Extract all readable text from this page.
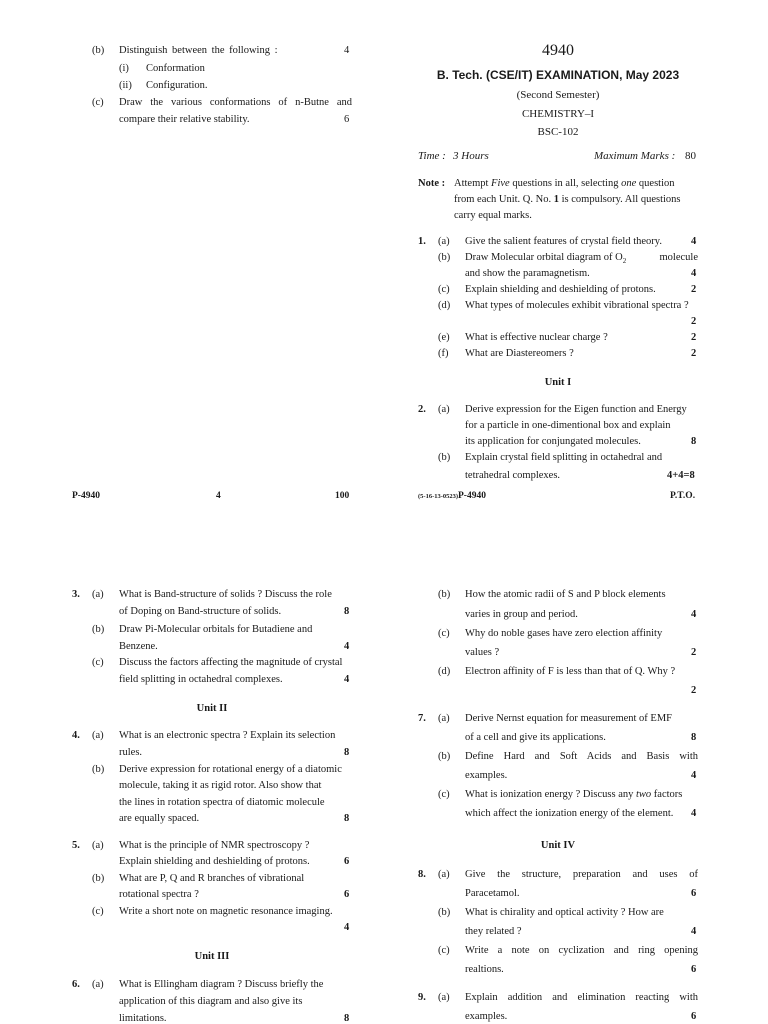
(b) Distinguish between the following :	4
(i) Conformation
(ii) Configuration.
(c) Draw the various conformations of n-Butne and
compare their relative stability.	6
P-4940	4	100
4940
B. Tech. (CSE/IT) EXAMINATION, May 2023
(Second Semester)
CHEMISTRY–I
BSC-102
Time : 3 Hours	Maximum Marks : 80
Note : Attempt Five questions in all, selecting one question
from each Unit. Q. No. 1 is compulsory. All questions
carry equal marks.
1. (a) Give the salient features of crystal field theory.	4
(b) Draw Molecular orbital diagram of $O_2$	molecule
and show the paramagnetism.	4
(c) Explain shielding and deshielding of protons.	2
(d) What types of molecules exhibit vibrational spectra ?
2
(e) What is effective nuclear charge ?	2
(f) What are Diastereomers ?	2
Unit I
2. (a) Derive expression for the Eigen function and Energy
for a particle in one-dimentional box and explain
its application for conjungated molecules.	8
(b) Explain crystal field splitting in octahedral and
tetrahedral complexes.	4+4=8
(5-16-13-0523) P-4940	P.T.O.
3. (a) What is Band-structure of solids ? Discuss the role
of Doping on Band-structure of solids.	8
(b) Draw Pi-Molecular orbitals for Butadiene and
Benzene.	4
(c) Discuss the factors affecting the magnitude of crystal
field splitting in octahedral complexes.	4
Unit II
4. (a) What is an electronic spectra ? Explain its selection
rules.	8
(b) Derive expression for rotational energy of a diatomic
molecule, taking it as rigid rotor. Also show that
the lines in rotation spectra of diatomic molecule
are equally spaced.	8
5. (a) What is the principle of NMR spectroscopy ?
Explain shielding and deshielding of protons.	6
(b) What are P, Q and R branches of vibrational
rotational spectra ?	6
(c) Write a short note on magnetic resonance imaging.
4
Unit III
6. (a) What is Ellingham diagram ? Discuss briefly the
application of this diagram and also give its
limitations.	8
(b) How the atomic radii of S and P block elements
varies in group and period.	4
(c) Why do noble gases have zero election affinity
values ?	2
(d) Electron affinity of F is less than that of Q. Why ?
2
7. (a) Derive Nernst equation for measurement of EMF
of a cell and give its applications.	8
(b) Define Hard and Soft Acids and Basis with
examples.	4
(c) What is ionization energy ? Discuss any two factors
which affect the ionization energy of the element. 4
Unit IV
8. (a) Give the structure, preparation and uses of
Paracetamol.	6
(b) What is chirality and optical activity ? How are
they related ?	4
(c) Write a note on cyclization and ring opening
realtions.	6
9. (a) Explain addition and elimination reacting with
examples.	6
